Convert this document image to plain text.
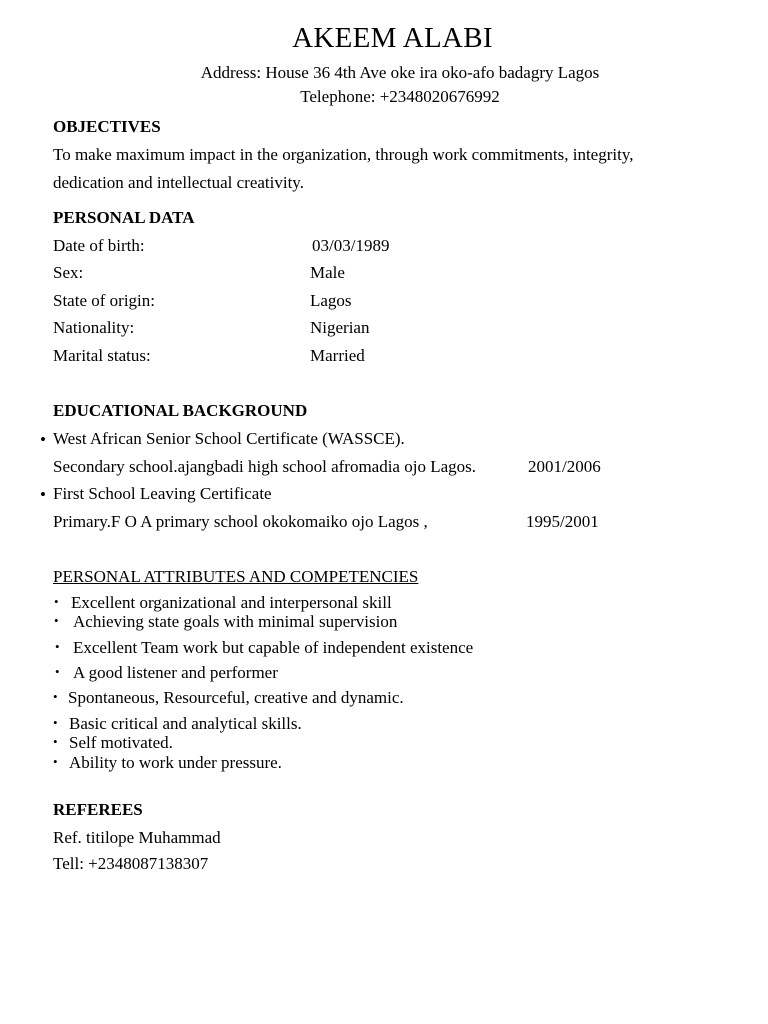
AKEEM ALABI
Address: House 36 4th Ave oke ira oko-afo badagry Lagos
Telephone: +2348020676992
OBJECTIVES
To make maximum impact in the organization, through work commitments, integrity,
dedication and intellectual creativity.
PERSONAL DATA
Date of birth:	03/03/1989
Sex:	Male
State of origin:	Lagos
Nationality:	Nigerian
Marital status:	Married
EDUCATIONAL BACKGROUND
• West African Senior School Certificate (WASSCE).
Secondary school.ajangbadi high school afromadia ojo Lagos.	2001/2006
• First School Leaving Certificate
Primary.F O A primary school okokomaiko ojo Lagos ,	1995/2001
PERSONAL ATTRIBUTES AND COMPETENCIES
• Excellent organizational and interpersonal skill
• Achieving state goals with minimal supervision
• Excellent Team work but capable of independent existence
• A good listener and performer
• Spontaneous, Resourceful, creative and dynamic.
• Basic critical and analytical skills.
• Self motivated.
• Ability to work under pressure.
REFEREES
Ref. titilope Muhammad
Tell: +2348087138307
